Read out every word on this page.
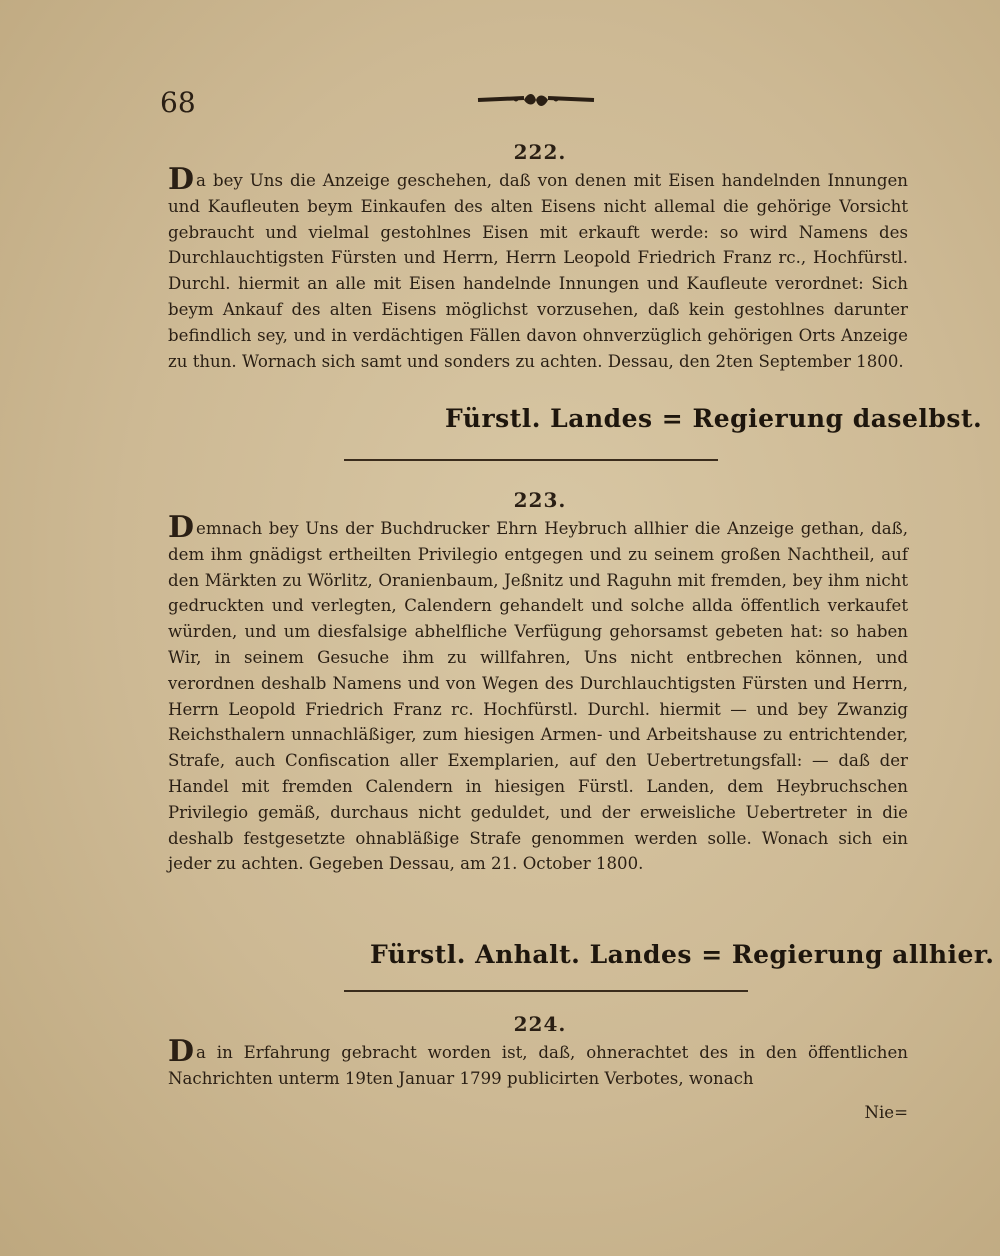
68
222.
Da bey Uns die Anzeige geschehen, daß von denen mit Eisen handelnden Innungen und Kaufleuten beym Einkaufen des alten Eisens nicht allemal die gehörige Vorsicht gebraucht und vielmal gestohlnes Eisen mit erkauft werde: so wird Namens des Durchlauchtigsten Fürsten und Herrn, Herrn Leopold Friedrich Franz rc., Hochfürstl. Durchl. hiermit an alle mit Eisen handelnde Innungen und Kaufleute verordnet: Sich beym Ankauf des alten Eisens möglichst vorzusehen, daß kein gestohlnes darunter befindlich sey, und in verdächtigen Fällen davon ohnverzüglich gehörigen Orts Anzeige zu thun. Wornach sich samt und sonders zu achten. Dessau, den 2ten September 1800.
Fürstl. Landes = Regierung daselbst.
223.
Demnach bey Uns der Buchdrucker Ehrn Heybruch allhier die Anzeige gethan, daß, dem ihm gnädigst ertheilten Privilegio entgegen und zu seinem großen Nachtheil, auf den Märkten zu Wörlitz, Oranienbaum, Jeßnitz und Raguhn mit fremden, bey ihm nicht gedruckten und verlegten, Calendern gehandelt und solche allda öffentlich verkaufet würden, und um diesfalsige abhelfliche Verfügung gehorsamst gebeten hat: so haben Wir, in seinem Gesuche ihm zu willfahren, Uns nicht entbrechen können, und verordnen deshalb Namens und von Wegen des Durchlauchtigsten Fürsten und Herrn, Herrn Leopold Friedrich Franz rc. Hochfürstl. Durchl. hiermit — und bey Zwanzig Reichsthalern unnachläßiger, zum hiesigen Armen- und Arbeitshause zu entrichtender, Strafe, auch Confiscation aller Exemplarien, auf den Uebertretungsfall: — daß der Handel mit fremden Calendern in hiesigen Fürstl. Landen, dem Heybruchschen Privilegio gemäß, durchaus nicht geduldet, und der erweisliche Uebertreter in die deshalb festgesetzte ohnabläßige Strafe genommen werden solle. Wonach sich ein jeder zu achten. Gegeben Dessau, am 21. October 1800.
Fürstl. Anhalt. Landes = Regierung allhier.
224.
Da in Erfahrung gebracht worden ist, daß, ohnerachtet des in den öffentlichen Nachrichten unterm 19ten Januar 1799 publicirten Verbotes, wonach
Nie=
